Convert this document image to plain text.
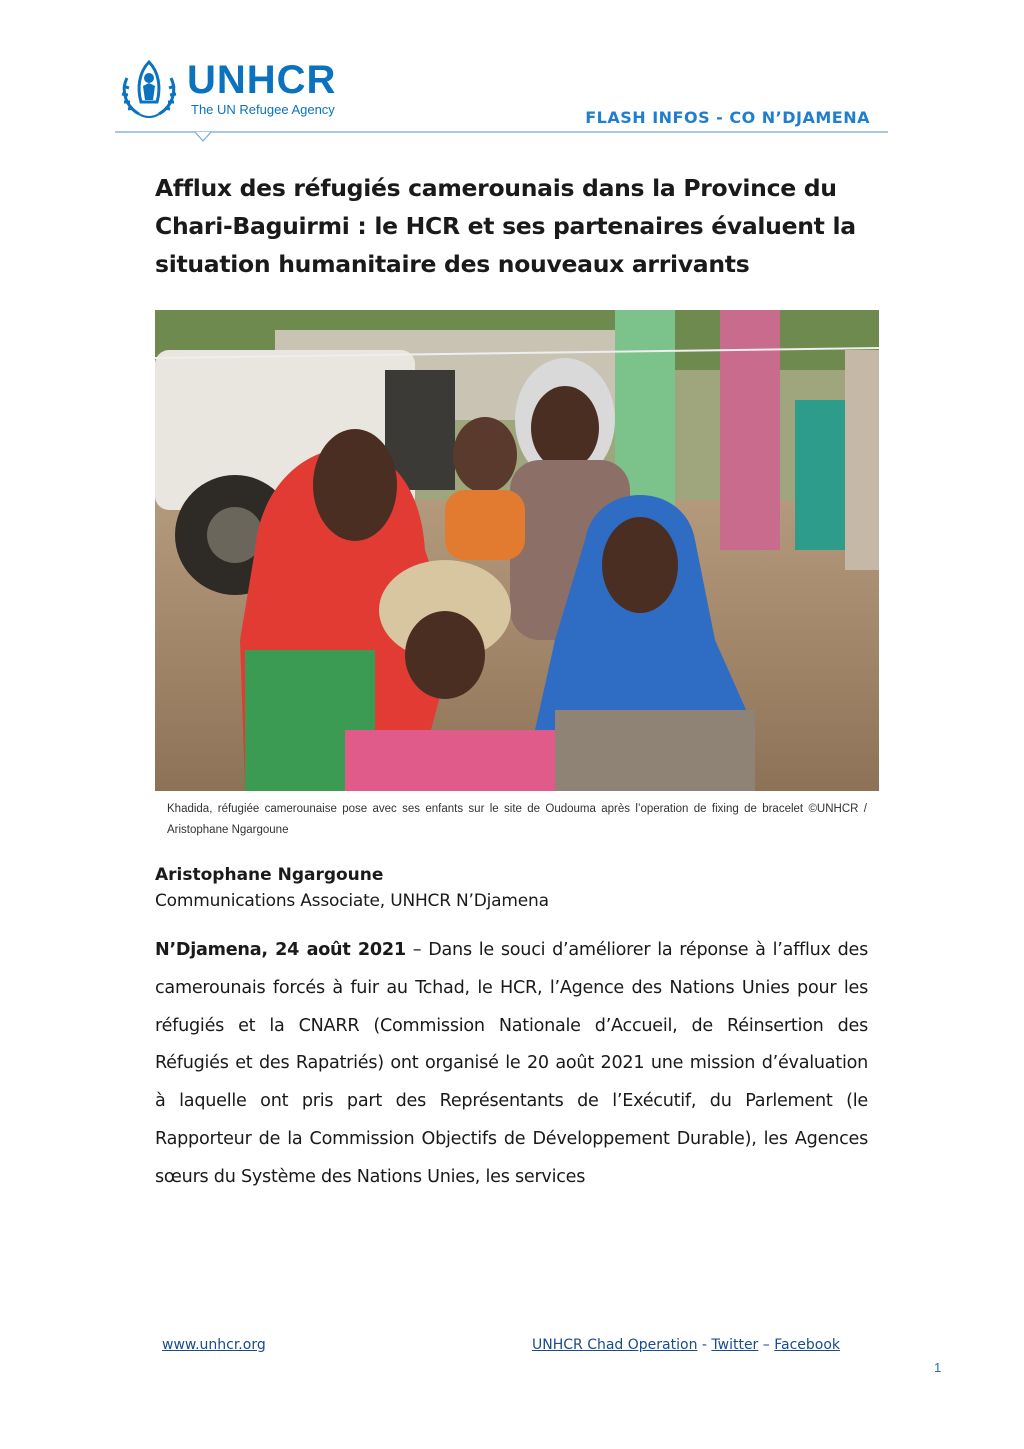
UNHCR
The UN Refugee Agency	FLASH INFOS - CO N’DJAMENA
Afflux des réfugiés camerounais dans la Province du Chari-Baguirmi : le HCR et ses partenaires évaluent la situation humanitaire des nouveaux arrivants
Khadida, réfugiée camerounaise pose avec ses enfants sur le site de Oudouma après l’operation de fixing de bracelet ©UNHCR / Aristophane Ngargoune
Aristophane Ngargoune
Communications Associate, UNHCR N’Djamena

N’Djamena, 24 août 2021 – Dans le souci d’améliorer la réponse à l’afflux des camerounais forcés à fuir au Tchad, le HCR, l’Agence des Nations Unies pour les réfugiés et la CNARR (Commission Nationale d’Accueil, de Réinsertion des Réfugiés et des Rapatriés) ont organisé le 20 août 2021 une mission d’évaluation à laquelle ont pris part des Représentants de l’Exécutif, du Parlement (le Rapporteur de la Commission Objectifs de Développement Durable), les Agences sœurs du Système des Nations Unies, les services

www.unhcr.org	UNHCR Chad Operation - Twitter – Facebook
1
